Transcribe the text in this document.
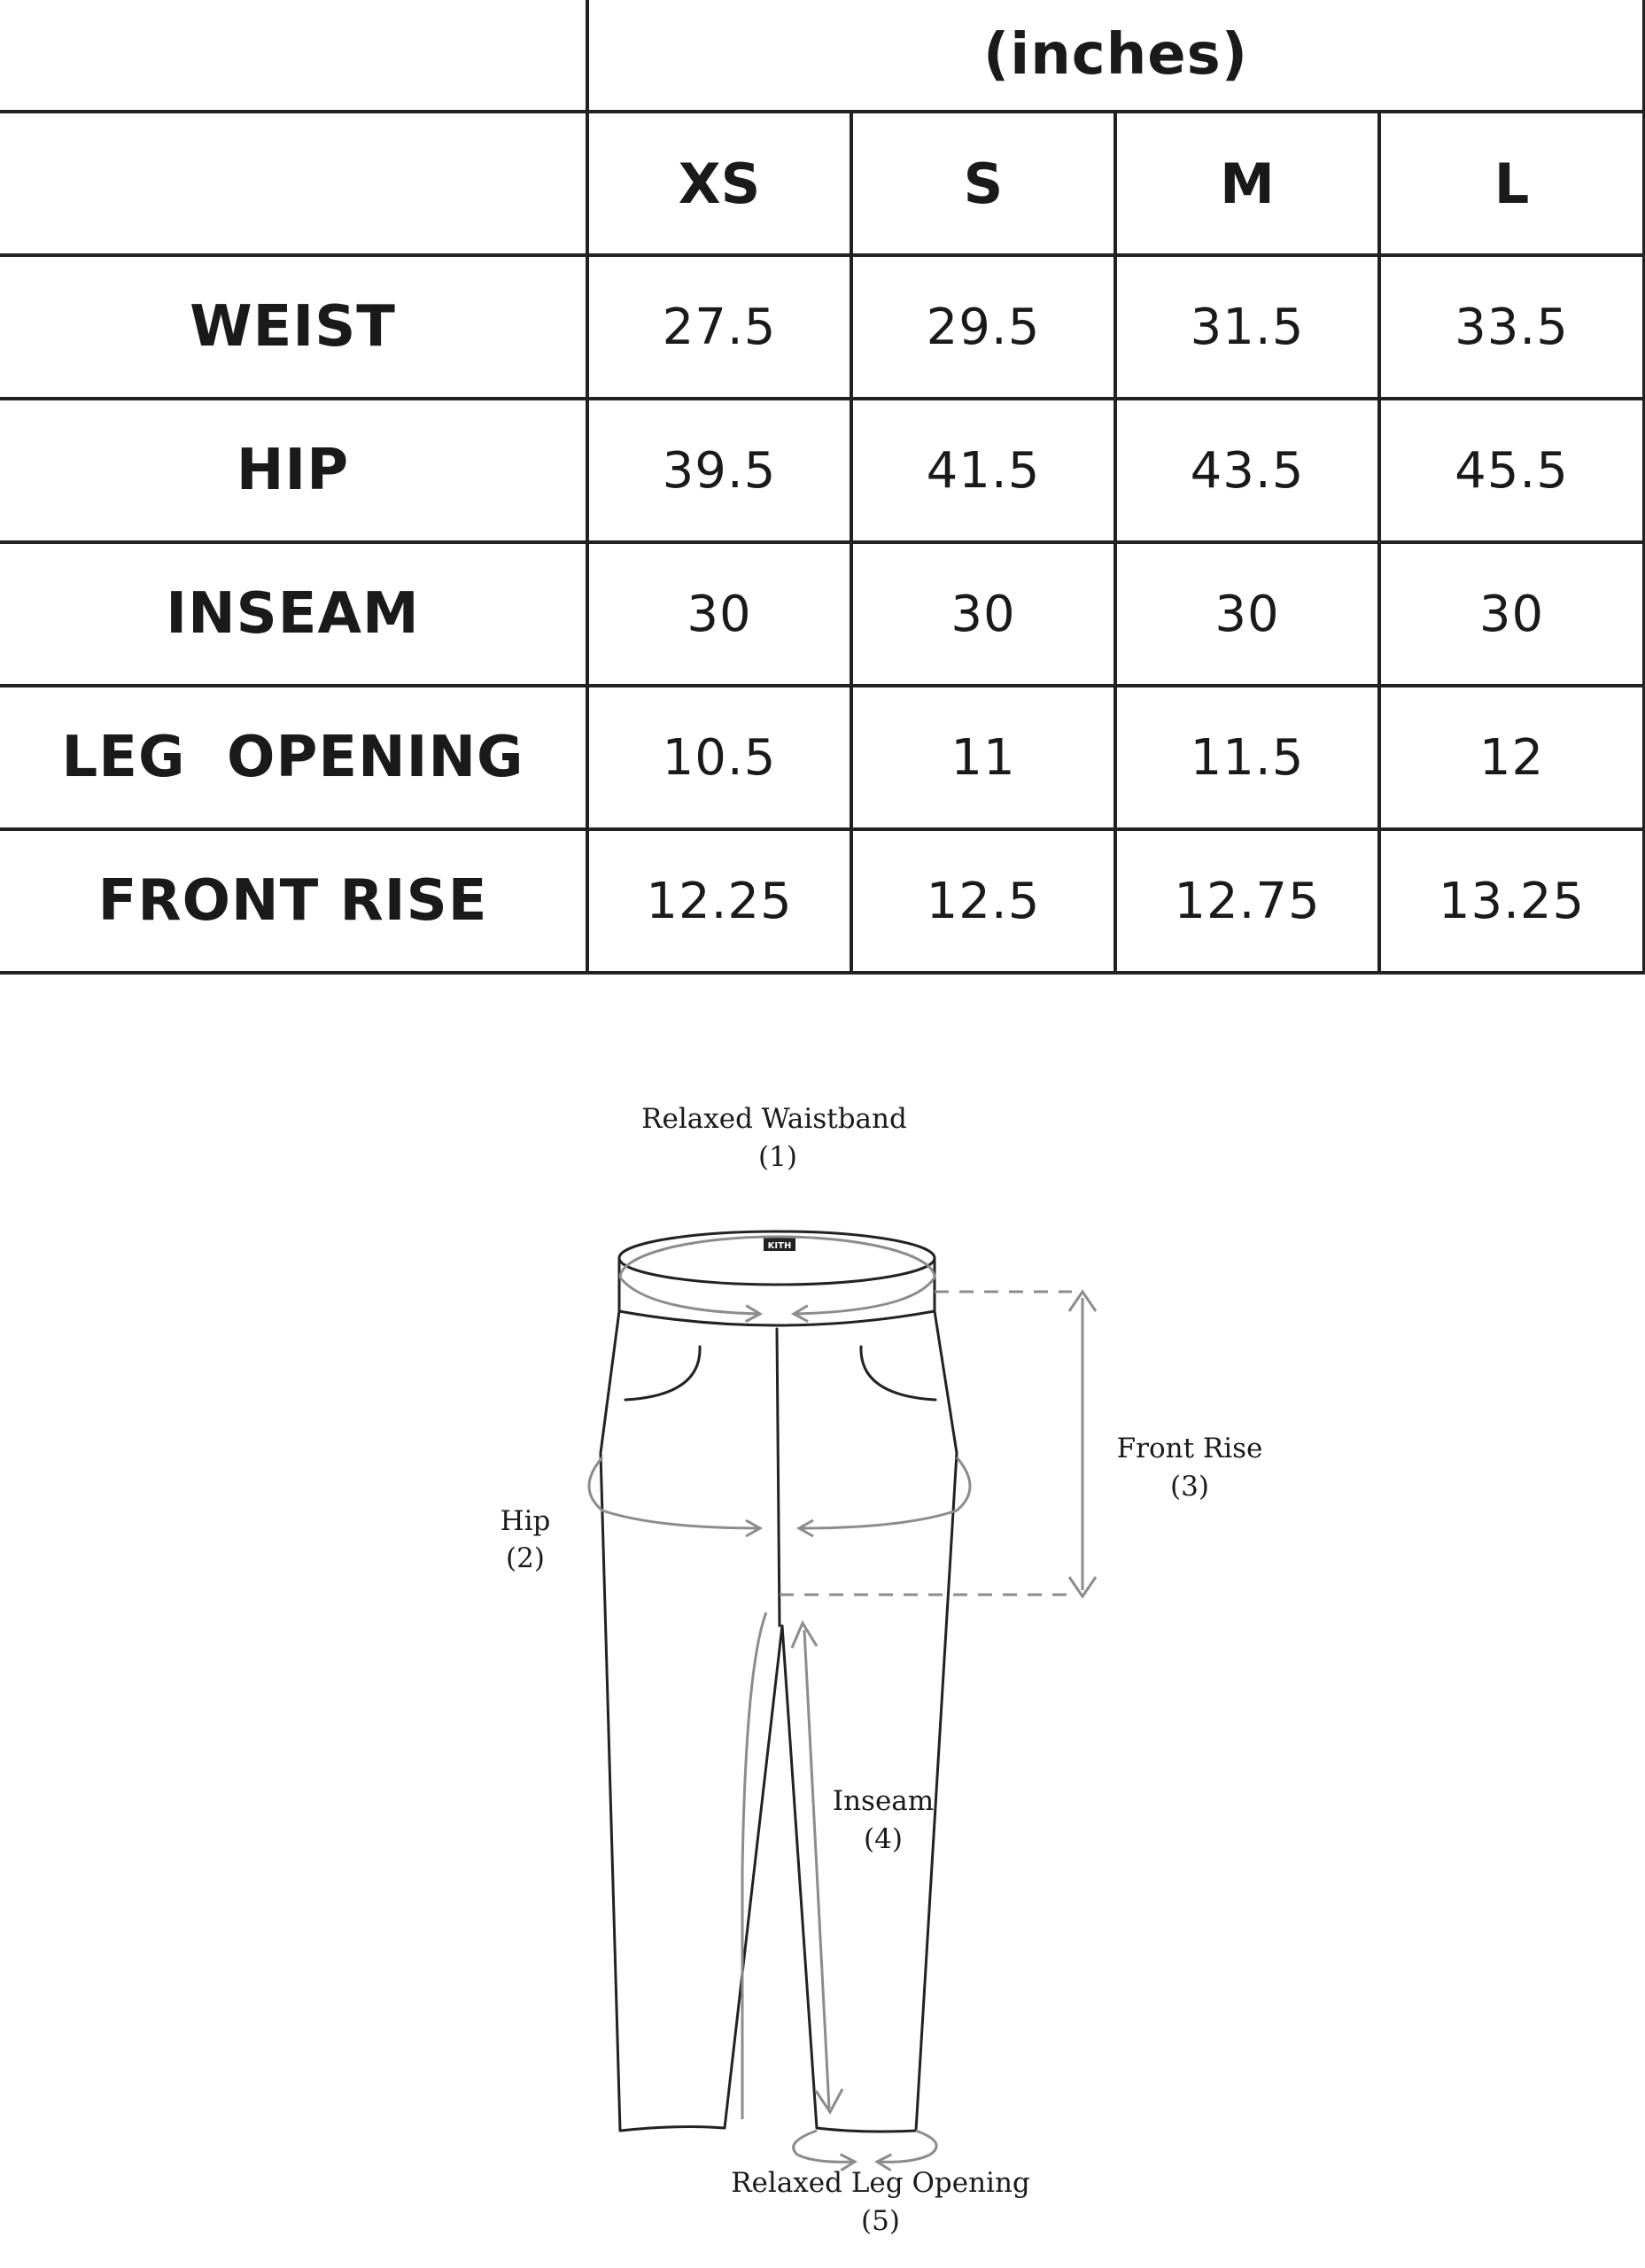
	(inches)			
	XS	S	M	L
WEIST	27.5	29.5	31.5	33.5
HIP	39.5	41.5	43.5	45.5
INSEAM	30	30	30	30
LEG  OPENING	10.5	11	11.5	12
FRONT RISE	12.25	12.5	12.75	13.25
Relaxed Waistband
(1)
Hip
(2)
Front Rise
(3)
Inseam
(4)
Relaxed Leg Opening
(5)
KITH
